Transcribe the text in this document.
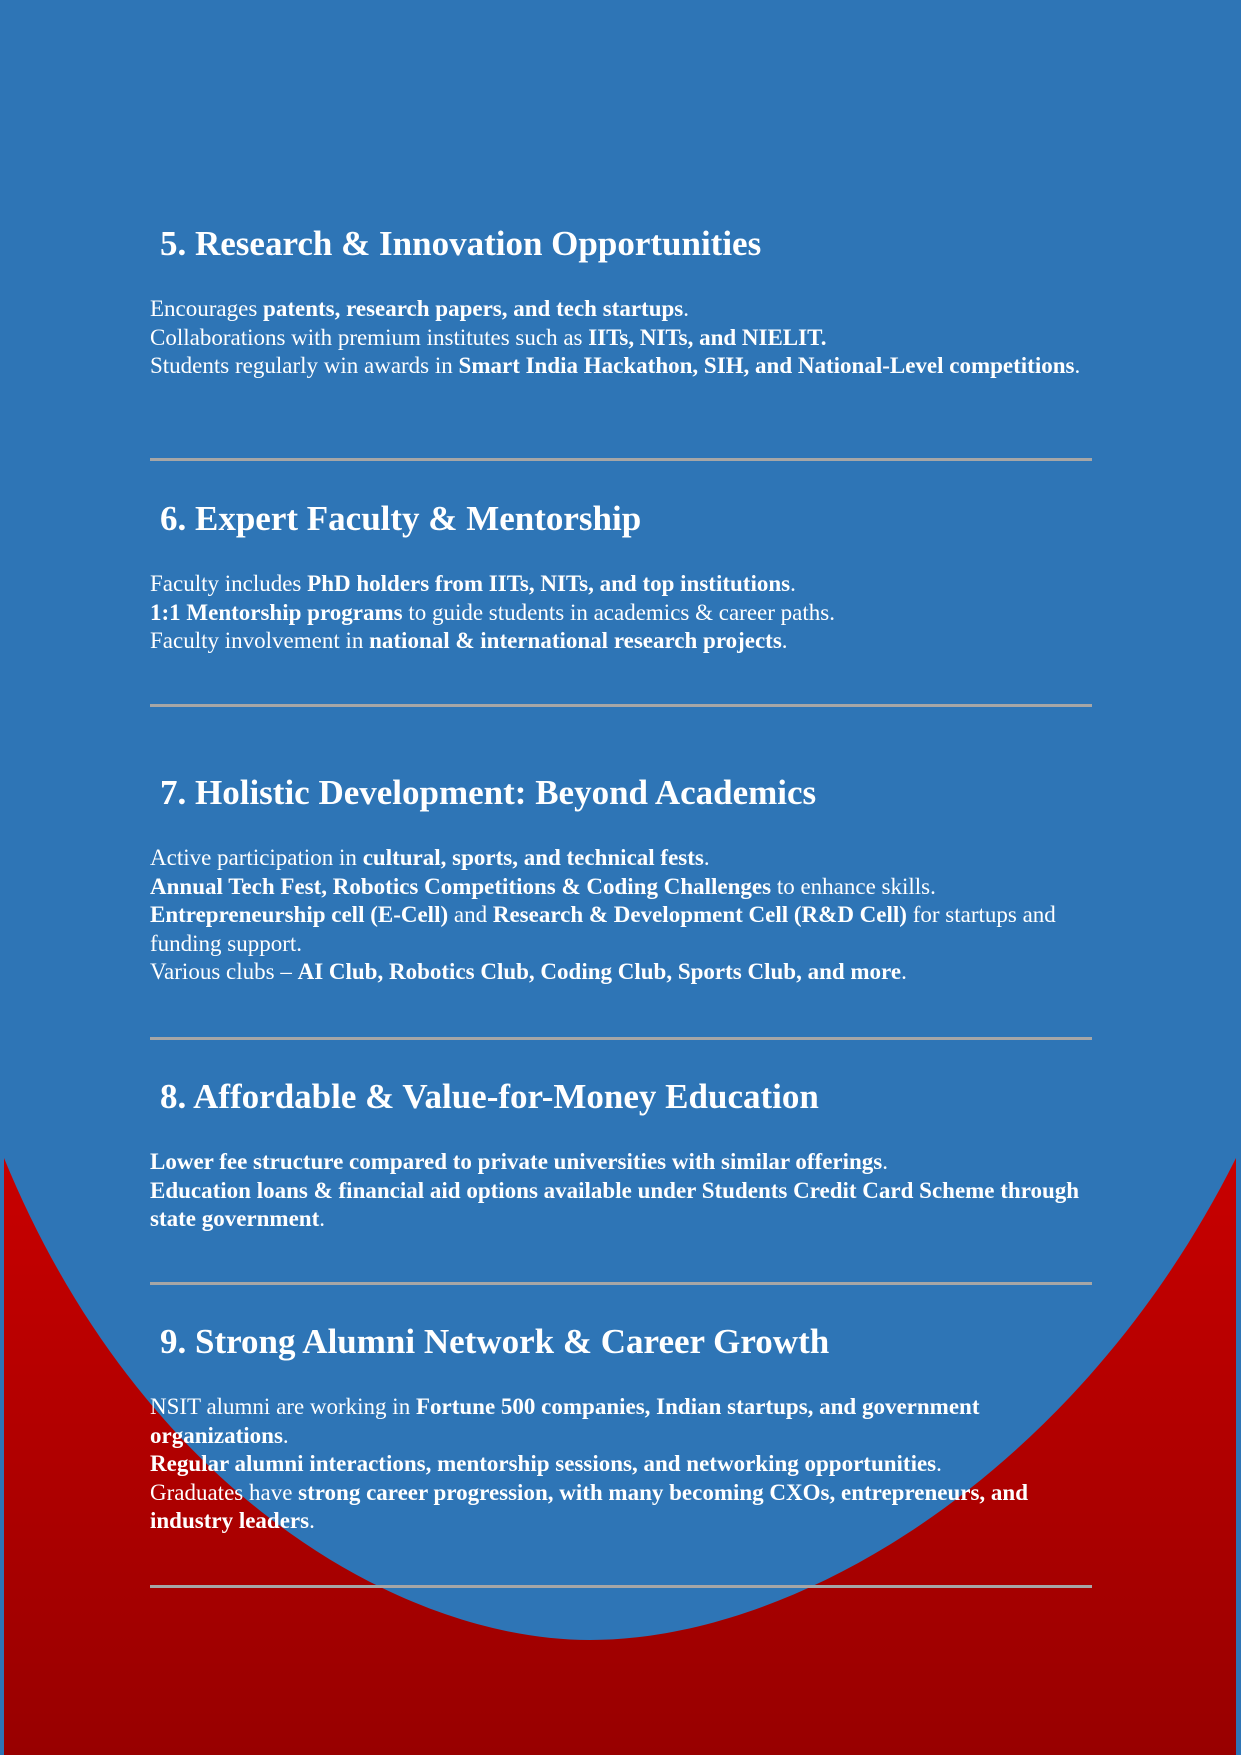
5. Research & Innovation Opportunities

Encourages patents, research papers, and tech startups.

Collaborations with premium institutes such as IITs, NITs, and NIELIT.

Students regularly win awards in Smart India Hackathon, SIH, and National-Level competitions.

6. Expert Faculty & Mentorship

Faculty includes PhD holders from IITs, NITs, and top institutions.

1:1 Mentorship programs to guide students in academics & career paths.

Faculty involvement in national & international research projects.

7. Holistic Development: Beyond Academics

Active participation in cultural, sports, and technical fests.

Annual Tech Fest, Robotics Competitions & Coding Challenges to enhance skills.

Entrepreneurship cell (E-Cell) and Research & Development Cell (R&D Cell) for startups and funding support.

Various clubs – AI Club, Robotics Club, Coding Club, Sports Club, and more.

8. Affordable & Value-for-Money Education

Lower fee structure compared to private universities with similar offerings.

Education loans & financial aid options available under Students Credit Card Scheme through state government.

9. Strong Alumni Network & Career Growth

NSIT alumni are working in Fortune 500 companies, Indian startups, and government organizations.

Regular alumni interactions, mentorship sessions, and networking opportunities.

Graduates have strong career progression, with many becoming CXOs, entrepreneurs, and industry leaders.
